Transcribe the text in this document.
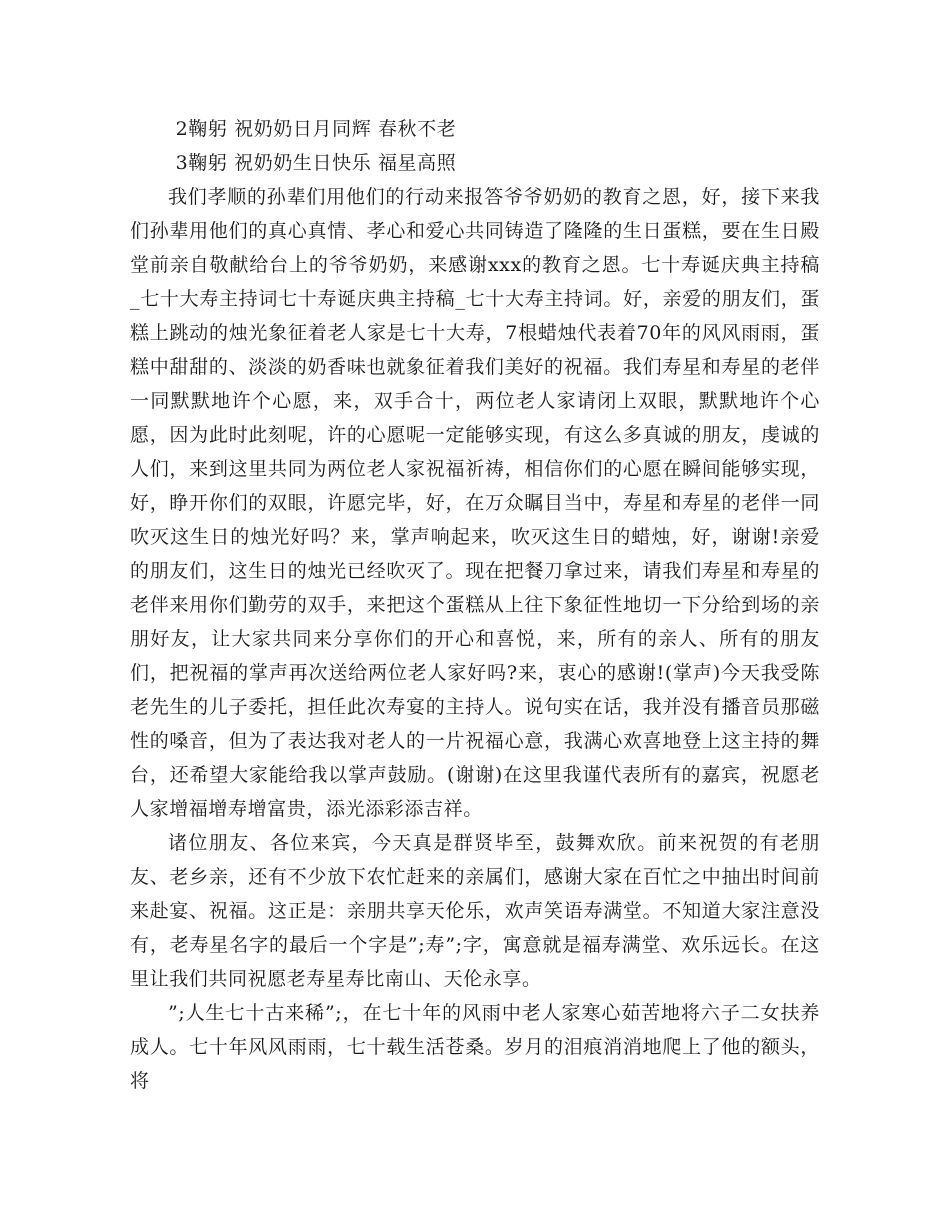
2鞠躬 祝奶奶日月同辉 春秋不老

3鞠躬 祝奶奶生日快乐 福星高照

我们孝顺的孙辈们用他们的行动来报答爷爷奶奶的教育之恩，好，接下来我们孙辈用他们的真心真情、孝心和爱心共同铸造了隆隆的生日蛋糕，要在生日殿堂前亲自敬献给台上的爷爷奶奶，来感谢xxx的教育之恩。七十寿诞庆典主持稿_七十大寿主持词七十寿诞庆典主持稿_七十大寿主持词。好，亲爱的朋友们，蛋糕上跳动的烛光象征着老人家是七十大寿，7根蜡烛代表着70年的风风雨雨，蛋糕中甜甜的、淡淡的奶香味也就象征着我们美好的祝福。我们寿星和寿星的老伴一同默默地许个心愿，来，双手合十，两位老人家请闭上双眼，默默地许个心愿，因为此时此刻呢，许的心愿呢一定能够实现，有这么多真诚的朋友，虔诚的人们，来到这里共同为两位老人家祝福祈祷，相信你们的心愿在瞬间能够实现，好，睁开你们的双眼，许愿完毕，好，在万众瞩目当中，寿星和寿星的老伴一同吹灭这生日的烛光好吗？来，掌声响起来，吹灭这生日的蜡烛，好，谢谢!亲爱的朋友们，这生日的烛光已经吹灭了。现在把餐刀拿过来，请我们寿星和寿星的老伴来用你们勤劳的双手，来把这个蛋糕从上往下象征性地切一下分给到场的亲朋好友，让大家共同来分享你们的开心和喜悦，来，所有的亲人、所有的朋友们，把祝福的掌声再次送给两位老人家好吗?来，衷心的感谢!(掌声)今天我受陈老先生的儿子委托，担任此次寿宴的主持人。说句实在话，我并没有播音员那磁性的嗓音，但为了表达我对老人的一片祝福心意，我满心欢喜地登上这主持的舞台，还希望大家能给我以掌声鼓励。(谢谢)在这里我谨代表所有的嘉宾，祝愿老人家增福增寿增富贵，添光添彩添吉祥。

诸位朋友、各位来宾，今天真是群贤毕至，鼓舞欢欣。前来祝贺的有老朋友、老乡亲，还有不少放下农忙赶来的亲属们，感谢大家在百忙之中抽出时间前来赴宴、祝福。这正是：亲朋共享天伦乐，欢声笑语寿满堂。不知道大家注意没有，老寿星名字的最后一个字是”;寿”;字，寓意就是福寿满堂、欢乐远长。在这里让我们共同祝愿老寿星寿比南山、天伦永享。

”;人生七十古来稀”;，在七十年的风雨中老人家寒心茹苦地将六子二女扶养成人。七十年风风雨雨，七十载生活苍桑。岁月的泪痕消消地爬上了他的额头，将
